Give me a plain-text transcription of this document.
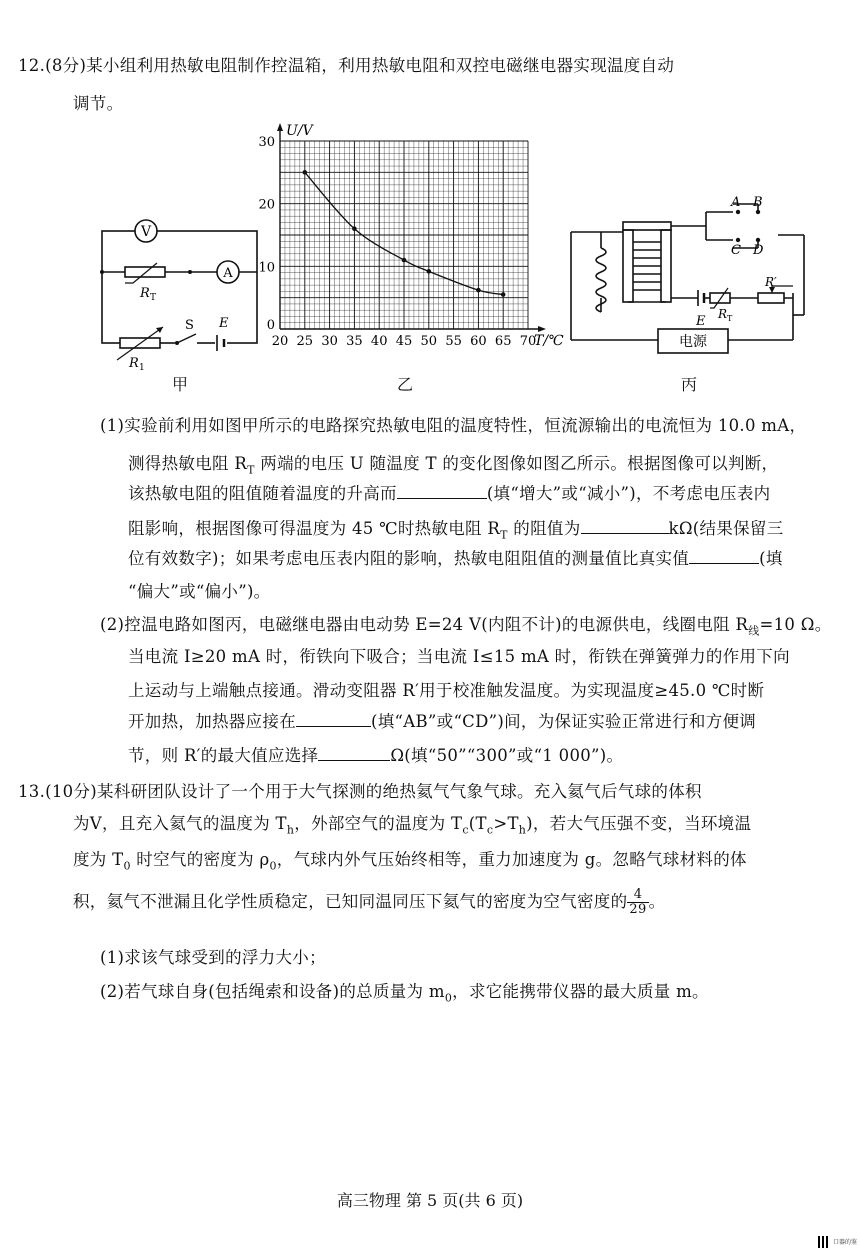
12.(8分)某小组利用热敏电阻制作控温箱，利用热敏电阻和双控电磁继电器实现温度自动
调节。
V
A
R T
R 1
S E
甲
30
20
10
0
20 25 30 35 40 45 50 55 60 65 70
U/V
T/℃
乙
A B
C D
E R T
R′
电源
丙
(1)实验前利用如图甲所示的电路探究热敏电阻的温度特性，恒流源输出的电流恒为 10.0 mA，
测得热敏电阻 $R_T$ 两端的电压 U 随温度 T 的变化图像如图乙所示。根据图像可以判断，
该热敏电阻的阻值随着温度的升高而	(填“增大”或“减小”)，不考虑电压表内
阻影响，根据图像可得温度为 45 ℃时热敏电阻 $R_T$ 的阻值为	kΩ(结果保留三
位有效数字)；如果考虑电压表内阻的影响，热敏电阻阻值的测量值比真实值	(填
“偏大”或“偏小”)。
(2)控温电路如图丙，电磁继电器由电动势 E=24 V(内阻不计)的电源供电，线圈电阻 $R_线=10$ Ω。
当电流 I≥20 mA 时，衔铁向下吸合；当电流 I≤15 mA 时，衔铁在弹簧弹力的作用下向
上运动与上端触点接通。滑动变阻器 R′用于校准触发温度。为实现温度≥45.0 ℃时断
开加热，加热器应接在	(填“AB”或“CD”)间，为保证实验正常进行和方便调
节，则 R′的最大值应选择	Ω(填“50”“300”或“1 000”)。
13.(10分)某科研团队设计了一个用于大气探测的绝热氦气气象气球。充入氦气后气球的体积
为V，且充入氦气的温度为 $T_h$，外部空气的温度为 $T_c(T_c>T_h)$，若大气压强不变，当环境温
度为 $T_0$ 时空气的密度为 $\rho_0$，气球内外气压始终相等，重力加速度为 g。忽略气球材料的体
积，氦气不泄漏且化学性质稳定，已知同温同压下氦气的密度为空气密度的 $\frac{4}{29}$ 。
(1)求该气球受到的浮力大小；
(2)若气球自身(包括绳索和设备)的总质量为 $m_0$，求它能携带仪器的最大质量 m。
高三物理 第 5 页(共 6 页)
口器的鉴
